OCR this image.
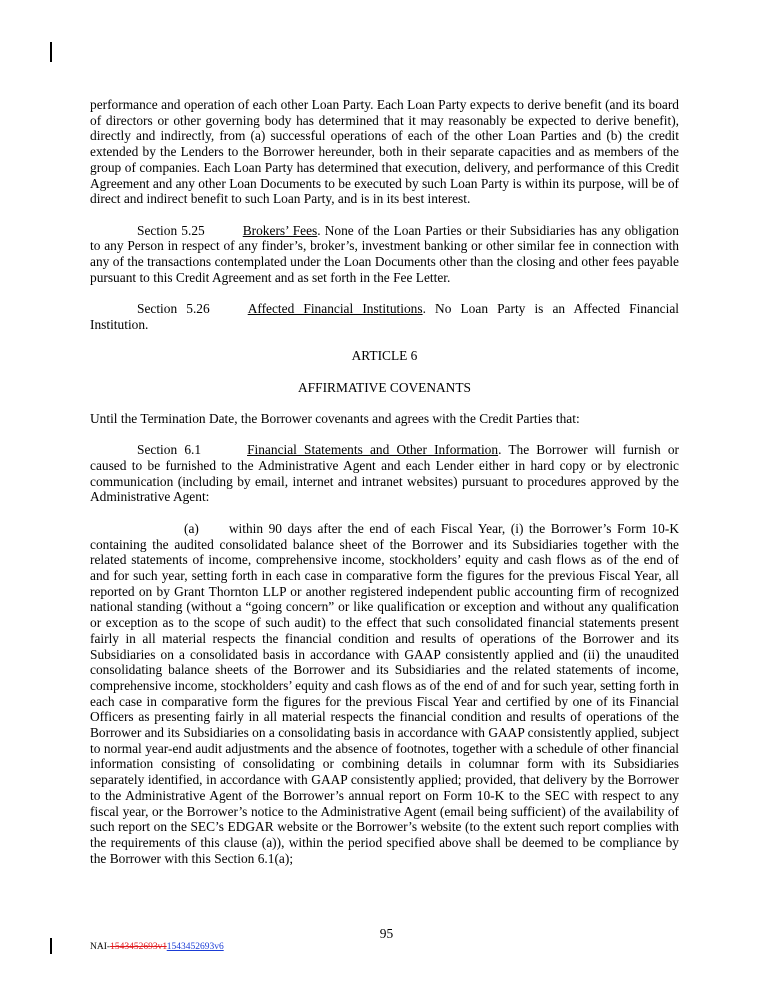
performance and operation of each other Loan Party. Each Loan Party expects to derive benefit (and its board of directors or other governing body has determined that it may reasonably be expected to derive benefit), directly and indirectly, from (a) successful operations of each of the other Loan Parties and (b) the credit extended by the Lenders to the Borrower hereunder, both in their separate capacities and as members of the group of companies. Each Loan Party has determined that execution, delivery, and performance of this Credit Agreement and any other Loan Documents to be executed by such Loan Party is within its purpose, will be of direct and indirect benefit to such Loan Party, and is in its best interest.

Section 5.25	Brokers’ Fees. None of the Loan Parties or their Subsidiaries has any obligation to any Person in respect of any finder’s, broker’s, investment banking or other similar fee in connection with any of the transactions contemplated under the Loan Documents other than the closing and other fees payable pursuant to this Credit Agreement and as set forth in the Fee Letter.

Section 5.26	Affected Financial Institutions. No Loan Party is an Affected Financial Institution.

ARTICLE 6

AFFIRMATIVE COVENANTS

Until the Termination Date, the Borrower covenants and agrees with the Credit Parties that:

Section 6.1	Financial Statements and Other Information. The Borrower will furnish or caused to be furnished to the Administrative Agent and each Lender either in hard copy or by electronic communication (including by email, internet and intranet websites) pursuant to procedures approved by the Administrative Agent:

(a) within 90 days after the end of each Fiscal Year, (i) the Borrower’s Form 10-K containing the audited consolidated balance sheet of the Borrower and its Subsidiaries together with the related statements of income, comprehensive income, stockholders’ equity and cash flows as of the end of and for such year, setting forth in each case in comparative form the figures for the previous Fiscal Year, all reported on by Grant Thornton LLP or another registered independent public accounting firm of recognized national standing (without a “going concern” or like qualification or exception and without any qualification or exception as to the scope of such audit) to the effect that such consolidated financial statements present fairly in all material respects the financial condition and results of operations of the Borrower and its Subsidiaries on a consolidated basis in accordance with GAAP consistently applied and (ii) the unaudited consolidating balance sheets of the Borrower and its Subsidiaries and the related statements of income, comprehensive income, stockholders’ equity and cash flows as of the end of and for such year, setting forth in each case in comparative form the figures for the previous Fiscal Year and certified by one of its Financial Officers as presenting fairly in all material respects the financial condition and results of operations of the Borrower and its Subsidiaries on a consolidating basis in accordance with GAAP consistently applied, subject to normal year-end audit adjustments and the absence of footnotes, together with a schedule of other financial information consisting of consolidating or combining details in columnar form with its Subsidiaries separately identified, in accordance with GAAP consistently applied; provided, that delivery by the Borrower to the Administrative Agent of the Borrower’s annual report on Form 10-K to the SEC with respect to any fiscal year, or the Borrower’s notice to the Administrative Agent (email being sufficient) of the availability of such report on the SEC’s EDGAR website or the Borrower’s website (to the extent such report complies with the requirements of this clause (a)), within the period specified above shall be deemed to be compliance by the Borrower with this Section 6.1(a);

95
NAI-1543452693v11543452693v6
